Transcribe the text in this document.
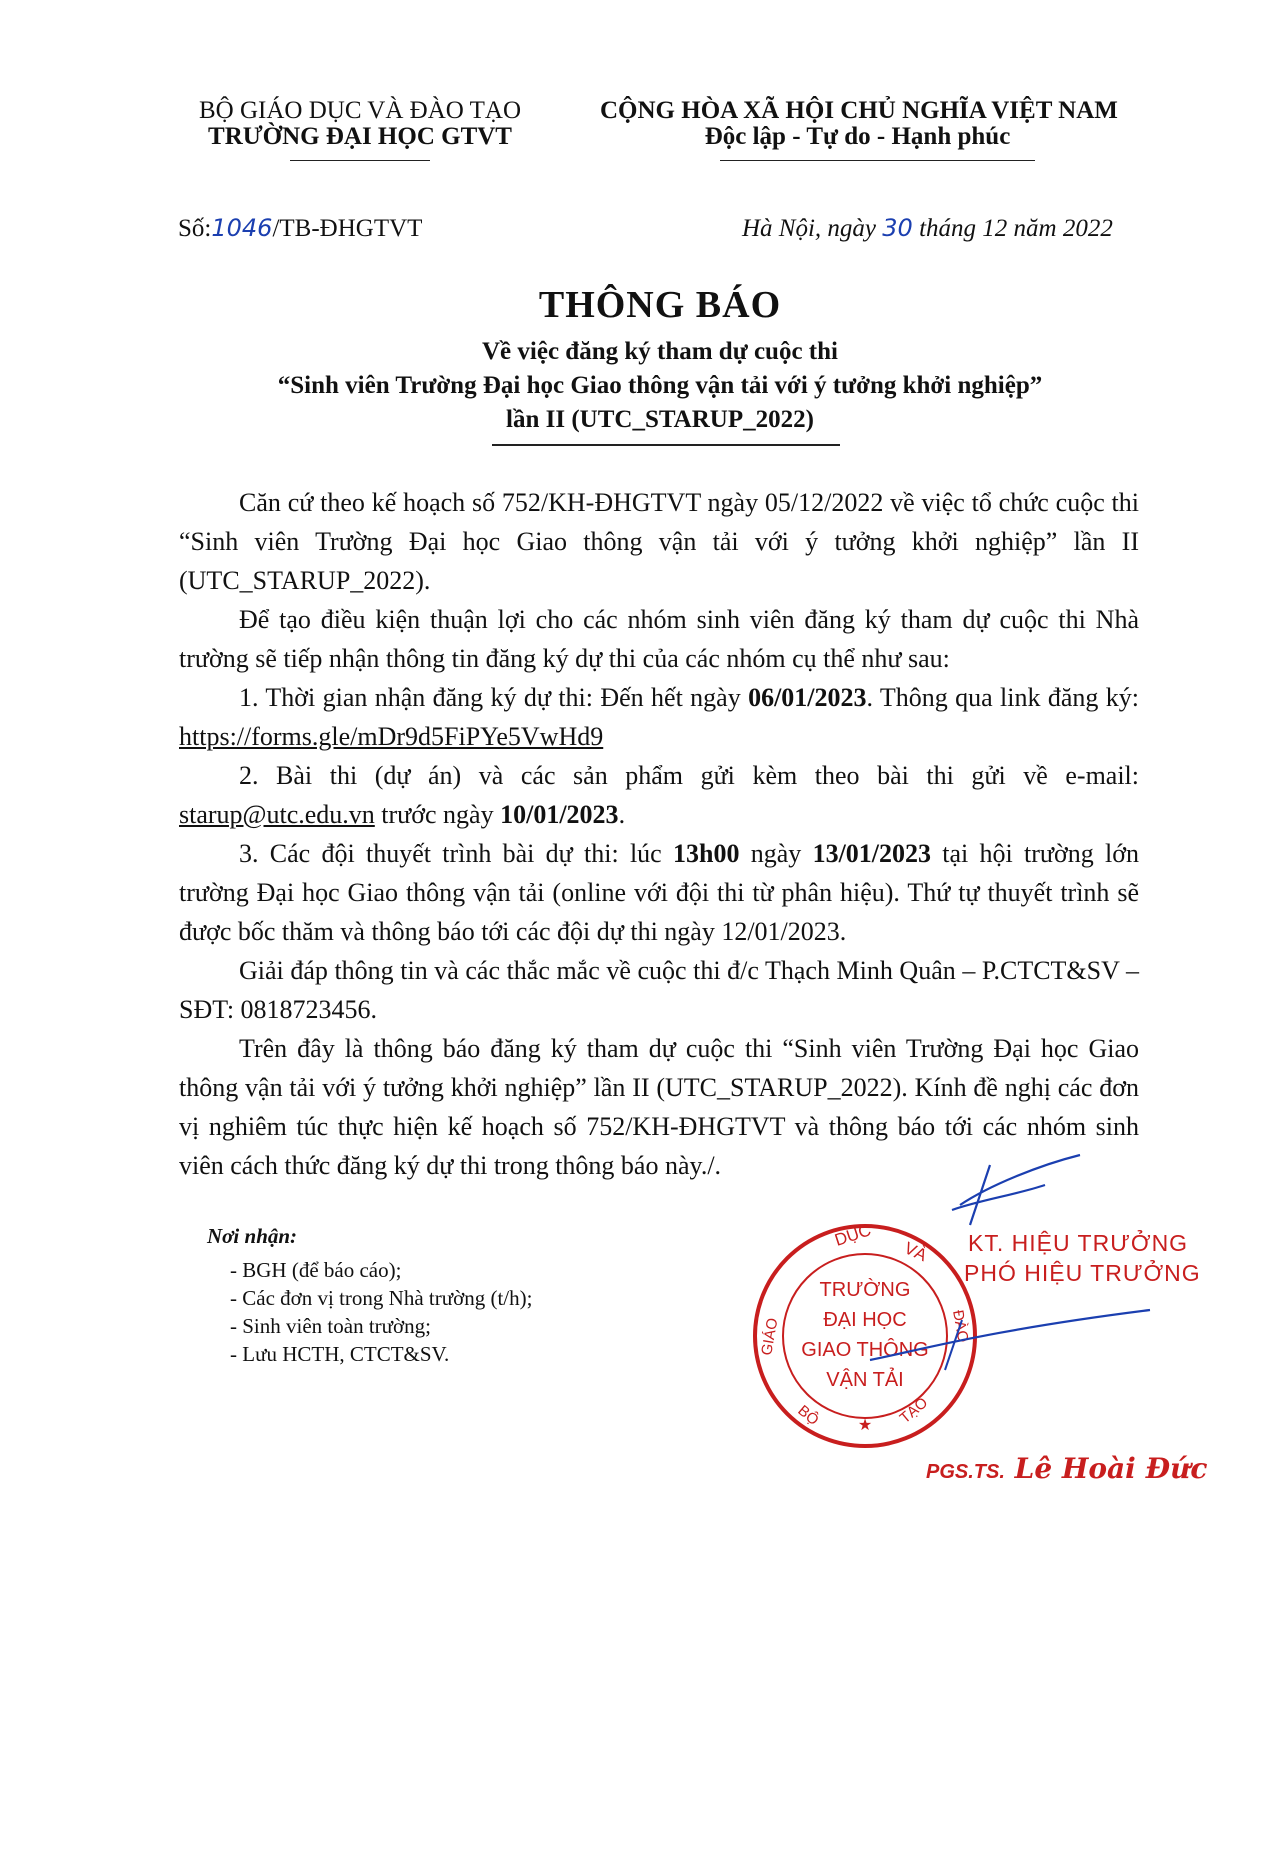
BỘ GIÁO DỤC VÀ ĐÀO TẠO
TRƯỜNG ĐẠI HỌC GTVT
CỘNG HÒA XÃ HỘI CHỦ NGHĨA VIỆT NAM
Độc lập - Tự do - Hạnh phúc
Số:1046/TB-ĐHGTVT	Hà Nội, ngày 30 tháng 12 năm 2022
THÔNG BÁO
Về việc đăng ký tham dự cuộc thi
“Sinh viên Trường Đại học Giao thông vận tải với ý tưởng khởi nghiệp”
lần II (UTC_STARUP_2022)
Căn cứ theo kế hoạch số 752/KH-ĐHGTVT ngày 05/12/2022 về việc tổ chức cuộc thi “Sinh viên Trường Đại học Giao thông vận tải với ý tưởng khởi nghiệp” lần II (UTC_STARUP_2022).
Để tạo điều kiện thuận lợi cho các nhóm sinh viên đăng ký tham dự cuộc thi Nhà trường sẽ tiếp nhận thông tin đăng ký dự thi của các nhóm cụ thể như sau:
1. Thời gian nhận đăng ký dự thi: Đến hết ngày 06/01/2023. Thông qua link đăng ký: https://forms.gle/mDr9d5FiPYe5VwHd9
2. Bài thi (dự án) và các sản phẩm gửi kèm theo bài thi gửi về e-mail: starup@utc.edu.vn trước ngày 10/01/2023.
3. Các đội thuyết trình bài dự thi: lúc 13h00 ngày 13/01/2023 tại hội trường lớn trường Đại học Giao thông vận tải (online với đội thi từ phân hiệu). Thứ tự thuyết trình sẽ được bốc thăm và thông báo tới các đội dự thi ngày 12/01/2023.
Giải đáp thông tin và các thắc mắc về cuộc thi đ/c Thạch Minh Quân – P.CTCT&SV – SĐT: 0818723456.
Trên đây là thông báo đăng ký tham dự cuộc thi “Sinh viên Trường Đại học Giao thông vận tải với ý tưởng khởi nghiệp” lần II (UTC_STARUP_2022). Kính đề nghị các đơn vị nghiêm túc thực hiện kế hoạch số 752/KH-ĐHGTVT và thông báo tới các nhóm sinh viên cách thức đăng ký dự thi trong thông báo này./.
Nơi nhận:
- BGH (để báo cáo);
- Các đơn vị trong Nhà trường (t/h);
- Sinh viên toàn trường;
- Lưu HCTH, CTCT&SV.
KT. HIỆU TRƯỞNG
PHÓ HIỆU TRƯỞNG
DỤC
VÀ
GIÁO	ĐÀO
BỘ	TẠO
TRƯỜNG
ĐẠI HỌC
GIAO THÔNG
VẬN TẢI
★
PGS.TS. Lê Hoài Đức
